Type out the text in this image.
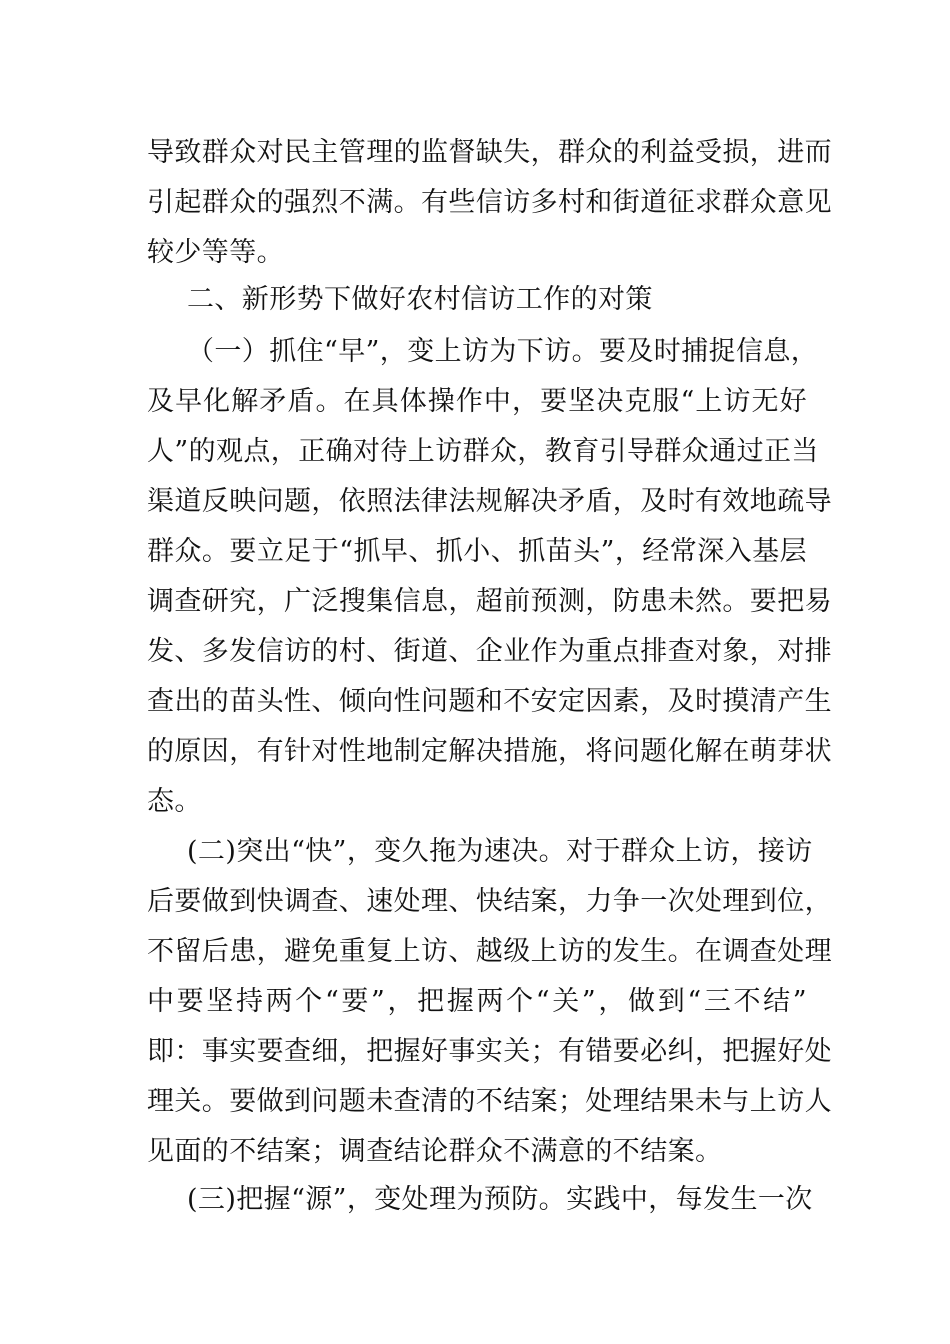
导致群众对民主管理的监督缺失，群众的利益受损，进而
引起群众的强烈不满。有些信访多村和街道征求群众意见
较少等等。
二、新形势下做好农村信访工作的对策
（一）抓住“早”，变上访为下访。要及时捕捉信息，
及早化解矛盾。在具体操作中，要坚决克服“上访无好
人”的观点，正确对待上访群众，教育引导群众通过正当
渠道反映问题，依照法律法规解决矛盾，及时有效地疏导
群众。要立足于“抓早、抓小、抓苗头”，经常深入基层
调查研究，广泛搜集信息，超前预测，防患未然。要把易
发、多发信访的村、街道、企业作为重点排查对象，对排
查出的苗头性、倾向性问题和不安定因素，及时摸清产生
的原因，有针对性地制定解决措施，将问题化解在萌芽状
态。
(二)突出“快”，变久拖为速决。对于群众上访，接访
后要做到快调查、速处理、快结案，力争一次处理到位，
不留后患，避免重复上访、越级上访的发生。在调查处理
中要坚持两个“要”，把握两个“关”，做到“三不结”
即：事实要查细，把握好事实关；有错要必纠，把握好处
理关。要做到问题未查清的不结案；处理结果未与上访人
见面的不结案；调查结论群众不满意的不结案。
(三)把握“源”，变处理为预防。实践中，每发生一次
